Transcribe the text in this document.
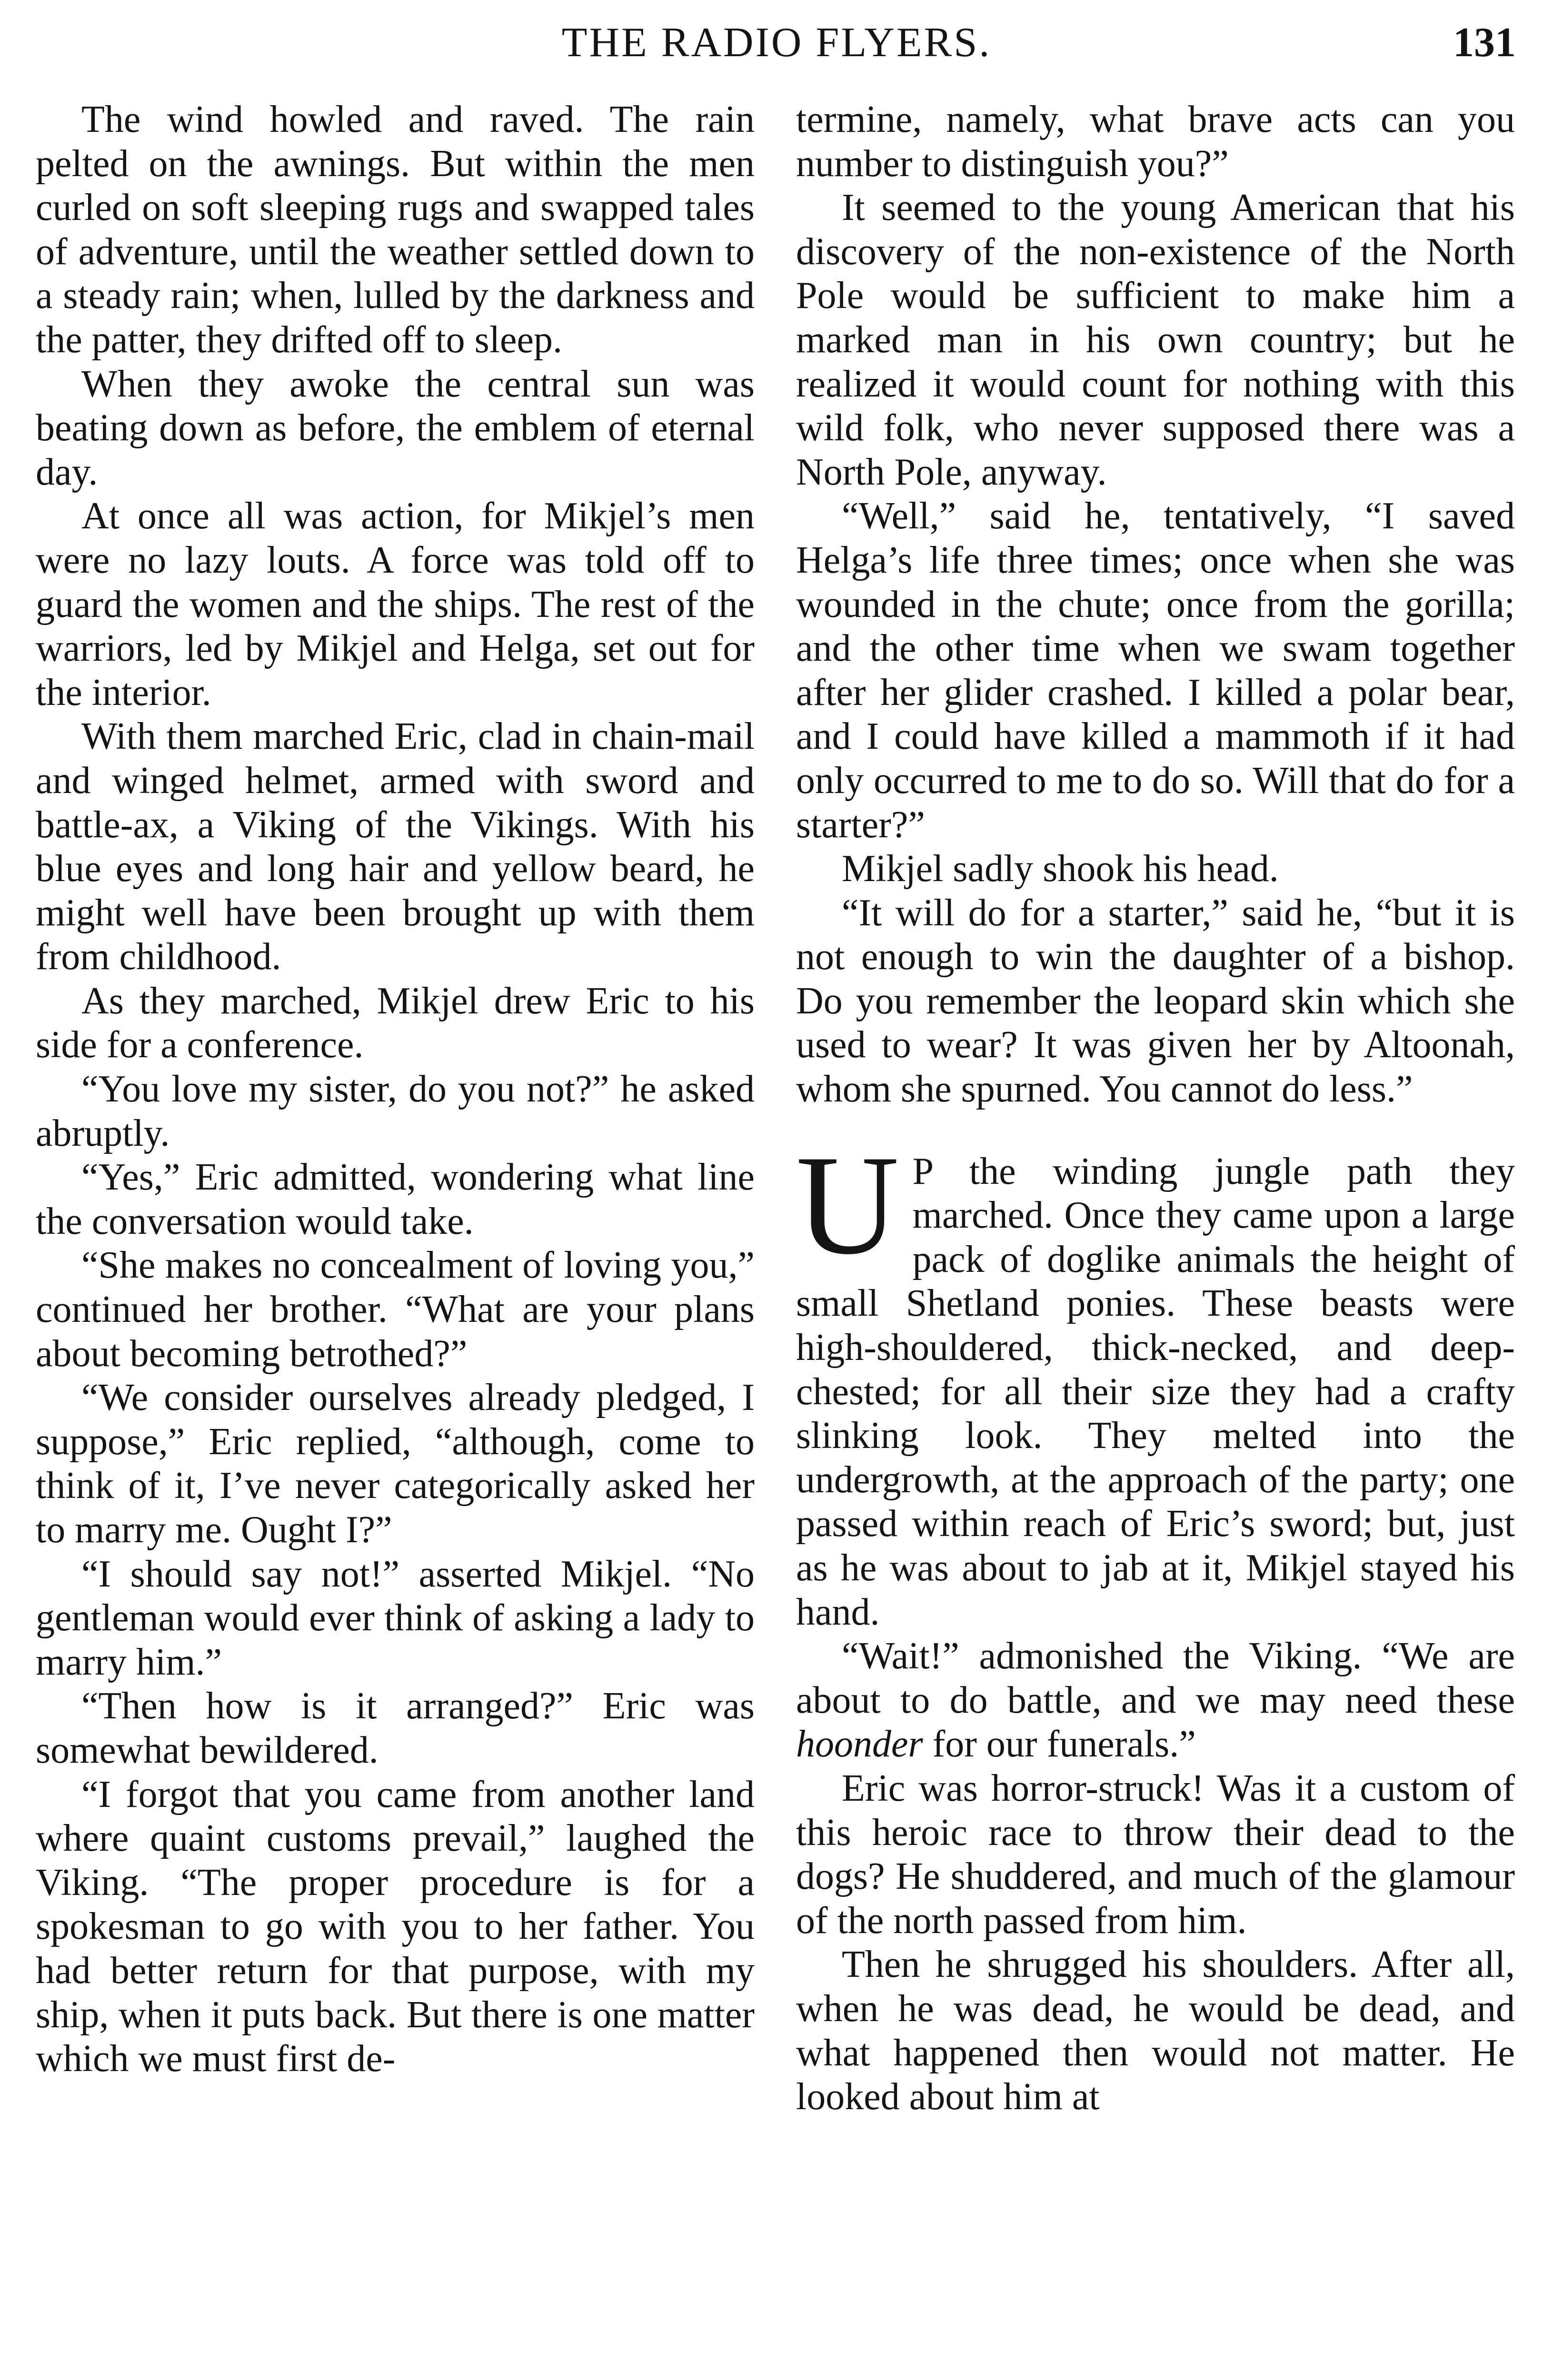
THE RADIO FLYERS.	131

The wind howled and raved. The rain pelted on the awnings. But within the men curled on soft sleeping rugs and swapped tales of adventure, until the weather settled down to a steady rain; when, lulled by the darkness and the patter, they drifted off to sleep.

When they awoke the central sun was beating down as before, the emblem of eternal day.

At once all was action, for Mikjel’s men were no lazy louts. A force was told off to guard the women and the ships. The rest of the warriors, led by Mikjel and Helga, set out for the interior.

With them marched Eric, clad in chain-mail and winged helmet, armed with sword and battle-ax, a Viking of the Vikings. With his blue eyes and long hair and yellow beard, he might well have been brought up with them from childhood.

As they marched, Mikjel drew Eric to his side for a conference.

“You love my sister, do you not?” he asked abruptly.

“Yes,” Eric admitted, wondering what line the conversation would take.

“She makes no concealment of loving you,” continued her brother. “What are your plans about becoming betrothed?”

“We consider ourselves already pledged, I suppose,” Eric replied, “although, come to think of it, I’ve never categorically asked her to marry me. Ought I?”

“I should say not!” asserted Mikjel. “No gentleman would ever think of asking a lady to marry him.”

“Then how is it arranged?” Eric was somewhat bewildered.

“I forgot that you came from another land where quaint customs prevail,” laughed the Viking. “The proper procedure is for a spokesman to go with you to her father. You had better return for that purpose, with my ship, when it puts back. But there is one matter which we must first de-

termine, namely, what brave acts can you number to distinguish you?”

It seemed to the young American that his discovery of the non-existence of the North Pole would be sufficient to make him a marked man in his own country; but he realized it would count for nothing with this wild folk, who never supposed there was a North Pole, anyway.

“Well,” said he, tentatively, “I saved Helga’s life three times; once when she was wounded in the chute; once from the gorilla; and the other time when we swam together after her glider crashed. I killed a polar bear, and I could have killed a mammoth if it had only occurred to me to do so. Will that do for a starter?”

Mikjel sadly shook his head.

“It will do for a starter,” said he, “but it is not enough to win the daughter of a bishop. Do you remember the leopard skin which she used to wear? It was given her by Altoonah, whom she spurned. You cannot do less.”

U P the winding jungle path they marched. Once they came upon a large pack of doglike animals the height of small Shetland ponies. These beasts were high-shouldered, thick-necked, and deep-chested; for all their size they had a crafty slinking look. They melted into the undergrowth, at the approach of the party; one passed within reach of Eric’s sword; but, just as he was about to jab at it, Mikjel stayed his hand.

“Wait!” admonished the Viking. “We are about to do battle, and we may need these hoonder for our funerals.”

Eric was horror-struck! Was it a custom of this heroic race to throw their dead to the dogs? He shuddered, and much of the glamour of the north passed from him.

Then he shrugged his shoulders. After all, when he was dead, he would be dead, and what happened then would not matter. He looked about him at
